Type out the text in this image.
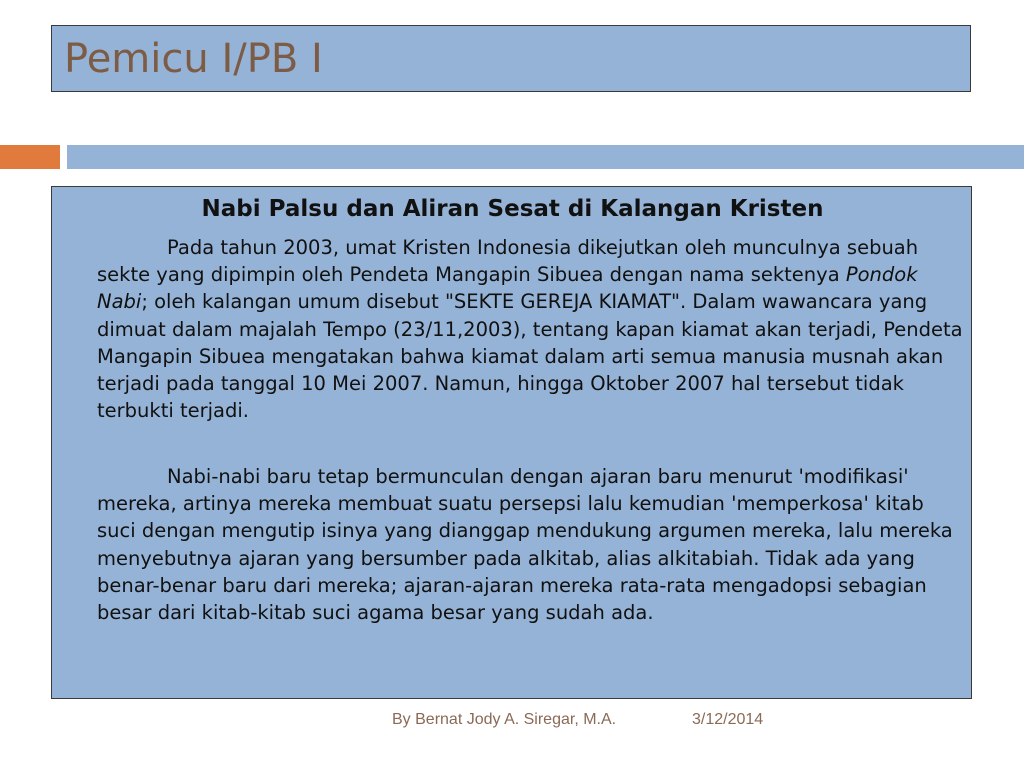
Pemicu I/PB I
Nabi Palsu dan Aliran Sesat di Kalangan Kristen

Pada tahun 2003, umat Kristen Indonesia dikejutkan oleh munculnya sebuah sekte yang dipimpin oleh Pendeta Mangapin Sibuea dengan nama sektenya Pondok Nabi; oleh kalangan umum disebut "SEKTE GEREJA KIAMAT". Dalam wawancara yang dimuat dalam majalah Tempo (23/11,2003), tentang kapan kiamat akan terjadi, Pendeta Mangapin Sibuea mengatakan bahwa kiamat dalam arti semua manusia musnah akan terjadi pada tanggal 10 Mei 2007. Namun, hingga Oktober 2007 hal tersebut tidak terbukti terjadi.

Nabi-nabi baru tetap bermunculan dengan ajaran baru menurut 'modifikasi' mereka, artinya mereka membuat suatu persepsi lalu kemudian 'memperkosa' kitab suci dengan mengutip isinya yang dianggap mendukung argumen mereka, lalu mereka menyebutnya ajaran yang bersumber pada alkitab, alias alkitabiah. Tidak ada yang benar-benar baru dari mereka; ajaran-ajaran mereka rata-rata mengadopsi sebagian besar dari kitab-kitab suci agama besar yang sudah ada.

By Bernat Jody A. Siregar, M.A.	3/12/2014
